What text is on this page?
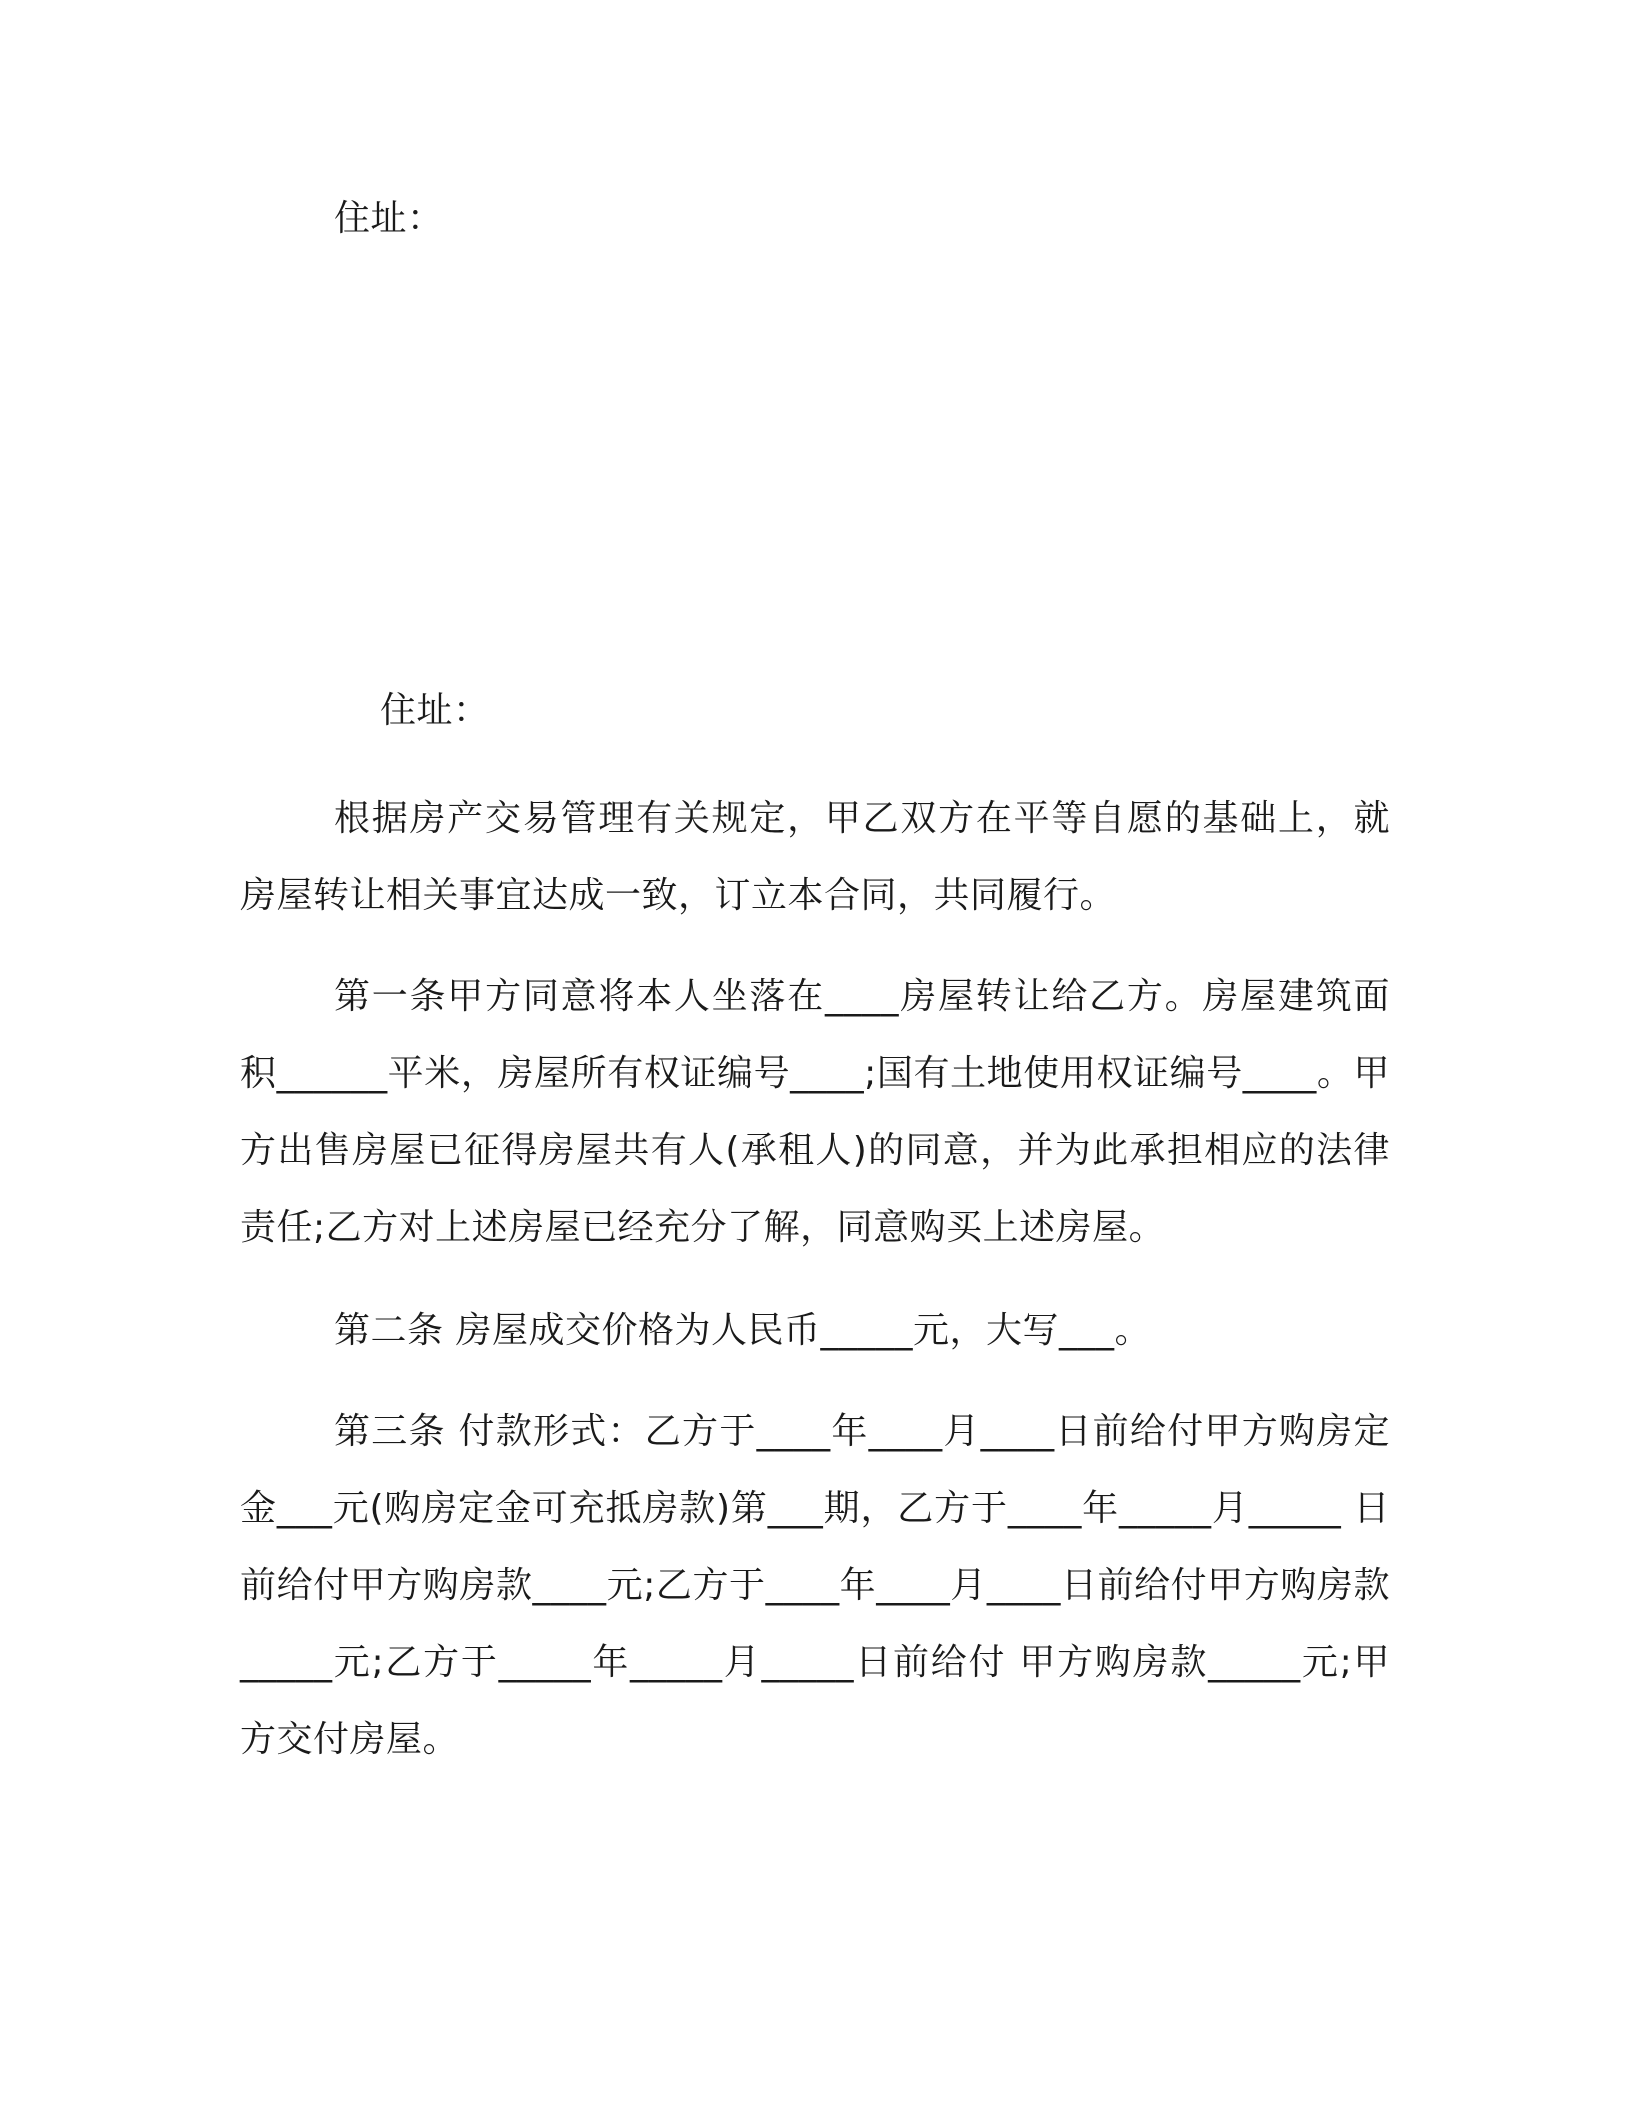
住址：
住址：

根据房产交易管理有关规定，甲乙双方在平等自愿的基础上，就房屋转让相关事宜达成一致，订立本合同，共同履行。

第一条甲方同意将本人坐落在____房屋转让给乙方。房屋建筑面积______平米，房屋所有权证编号____;国有土地使用权证编号____。甲方出售房屋已征得房屋共有人(承租人)的同意，并为此承担相应的法律责任;乙方对上述房屋已经充分了解，同意购买上述房屋。

第二条 房屋成交价格为人民币_____元，大写___。

第三条 付款形式：乙方于____年____月____日前给付甲方购房定金___元(购房定金可充抵房款)第___期，乙方于____年_____月_____ 日前给付甲方购房款____元;乙方于____年____月____日前给付甲方购房款_____元;乙方于_____年_____月_____日前给付 甲方购房款_____元;甲方交付房屋。
